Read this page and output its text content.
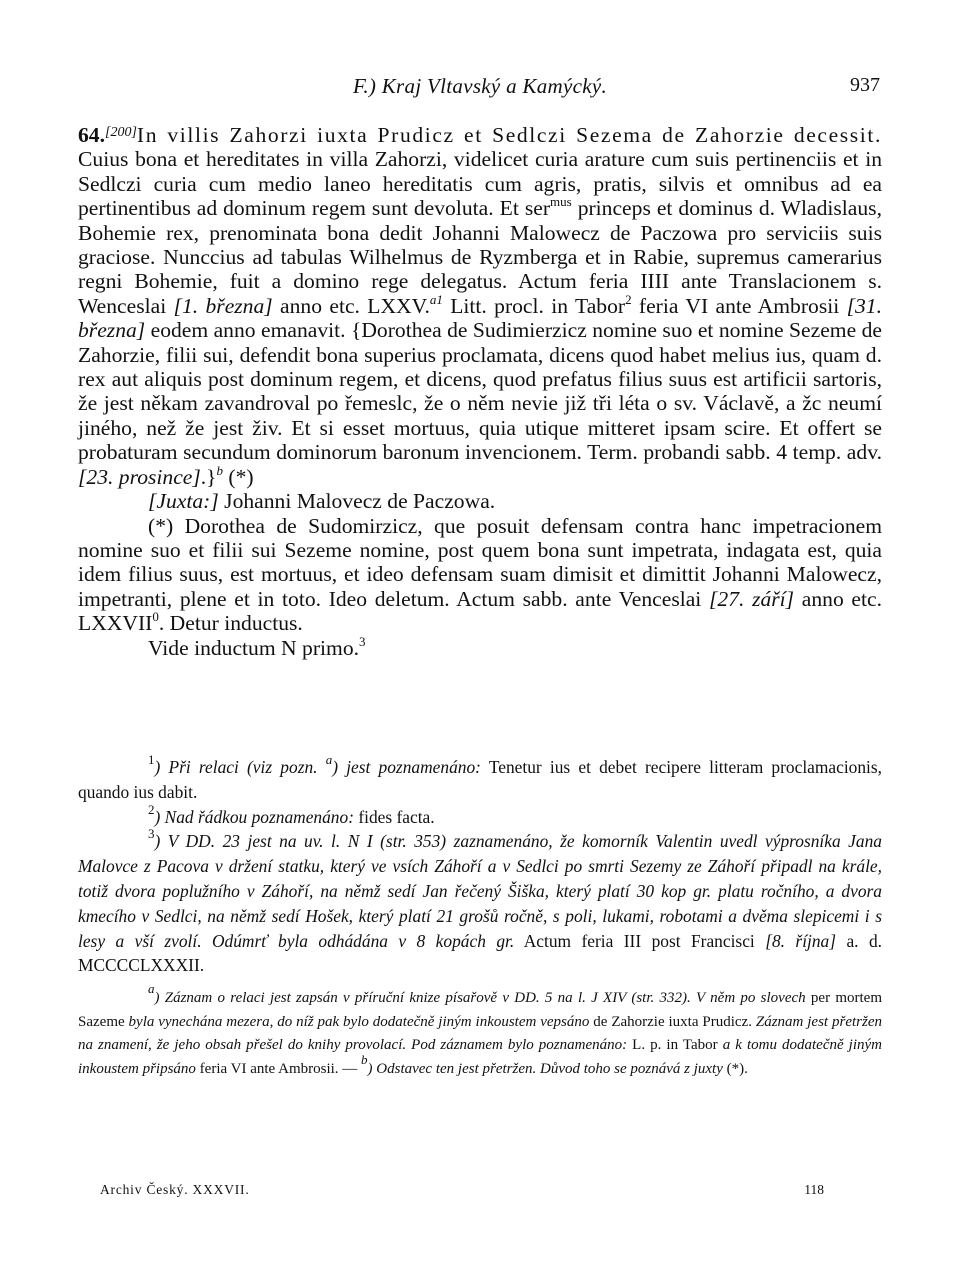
F.) Kraj Vltavský a Kamýcký.	937

64.[200]In villis Zahorzi iuxta Prudicz et Sedlczi Sezema de Zahorzie decessit. Cuius bona et hereditates in villa Zahorzi, videlicet curia arature cum suis pertinenciis et in Sedlczi curia cum medio laneo hereditatis cum agris, pratis, silvis et omnibus ad ea pertinentibus ad dominum regem sunt devoluta. Et ser$^{mus}$ princeps et dominus d. Wladislaus, Bohemie rex, prenominata bona dedit Johanni Malowecz de Paczowa pro serviciis suis graciose. Nunccius ad tabulas Wilhelmus de Ryzmberga et in Rabie, supremus camerarius regni Bohemie, fuit a domino rege delegatus. Actum feria IIII ante Translacionem s. Wenceslai [1. března] anno etc. LXXV.$^{a1}$ Litt. procl. in Tabor$^2$ feria VI ante Ambrosii [31. března] eodem anno emanavit. {Dorothea de Sudimierzicz nomine suo et nomine Sezeme de Zahorzie, filii sui, defendit bona superius proclamata, dicens quod habet melius ius, quam d. rex aut aliquis post dominum regem, et dicens, quod prefatus filius suus est artificii sartoris, že jest někam zavandroval po řemeslc, že o něm nevie již tři léta o sv. Václavě, a žc neumí jiného, než že jest živ. Et si esset mortuus, quia utique mitteret ipsam scire. Et offert se probaturam secundum dominorum baronum invencionem. Term. probandi sabb. 4 temp. adv. [23. prosince].}$^b$ (*)

[Juxta:] Johanni Malovecz de Paczowa.

(*) Dorothea de Sudomirzicz, que posuit defensam contra hanc impetracionem nomine suo et filii sui Sezeme nomine, post quem bona sunt impetrata, indagata est, quia idem filius suus, est mortuus, et ideo defensam suam dimisit et dimittit Johanni Malowecz, impetranti, plene et in toto. Ideo deletum. Actum sabb. ante Venceslai [27. září] anno etc. LXXVII$^0$. Detur inductus.

Vide inductum N primo.$^3$

$^1$) Při relaci (viz pozn. $^a$) jest poznamenáno: Tenetur ius et debet recipere litteram proclamacionis, quando ius dabit.

$^2$) Nad řádkou poznamenáno: fides facta.

$^3$) V DD. 23 jest na uv. l. N I (str. 353) zaznamenáno, že komorník Valentin uvedl výprosníka Jana Malovce z Pacova v držení statku, který ve vsích Záhoří a v Sedlci po smrti Sezemy ze Záhoří připadl na krále, totiž dvora poplužního v Záhoří, na němž sedí Jan řečený Šiška, který platí 30 kop gr. platu ročního, a dvora kmecího v Sedlci, na němž sedí Hošek, který platí 21 grošů ročně, s poli, lukami, robotami a dvěma slepicemi i s lesy a vší zvolí. Odúmrť byla odhádána v 8 kopách gr. Actum feria III post Francisci [8. října] a. d. MCCCCLXXXII.

a) Záznam o relaci jest zapsán v příruční knize písařově v DD. 5 na l. J XIV (str. 332). V něm po slovech per mortem Sazeme byla vynechána mezera, do níž pak bylo dodatečně jiným inkoustem vepsáno de Zahorzie iuxta Prudicz. Záznam jest přetržen na znamení, že jeho obsah přešel do knihy provolací. Pod záznamem bylo poznamenáno: L. p. in Tabor a k tomu dodatečně jiným inkoustem připsáno feria VI ante Ambrosii. — b) Odstavec ten jest přetržen. Důvod toho se poznává z juxty (*).

Archiv Český. XXXVII.	118
